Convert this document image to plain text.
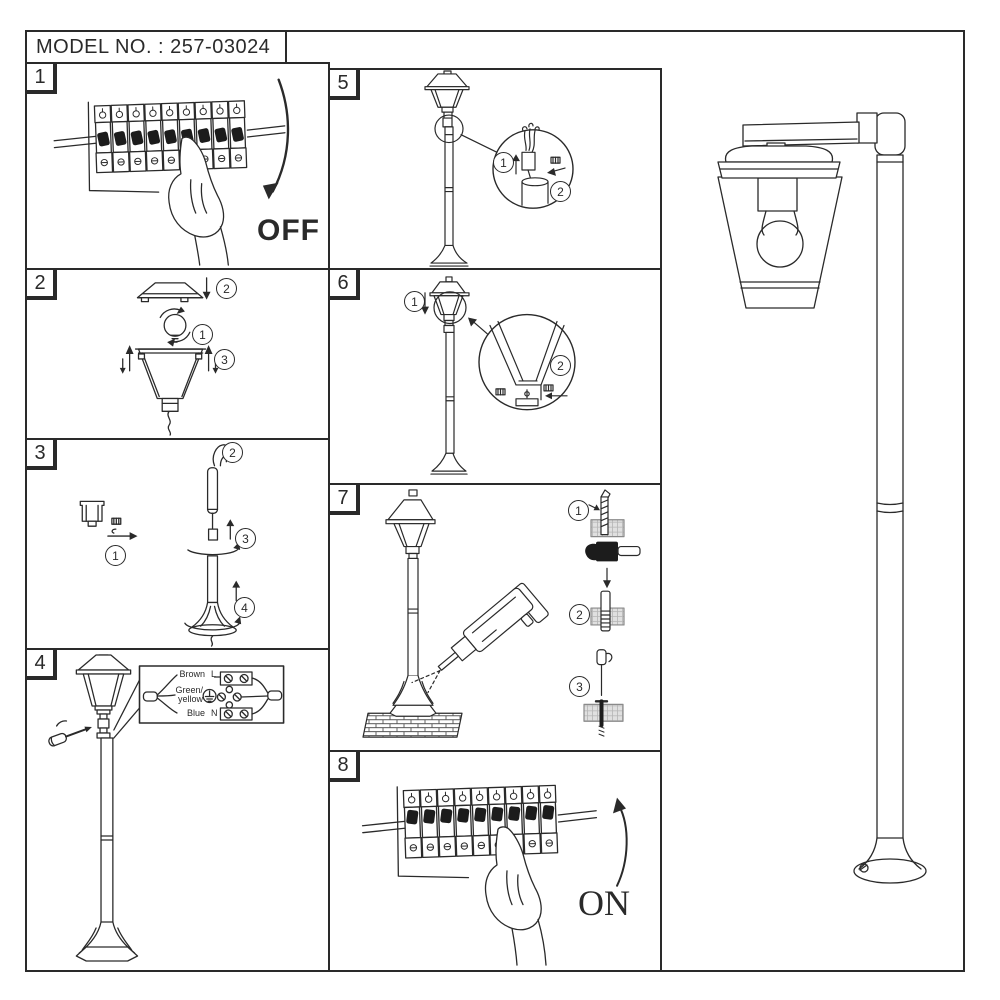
MODEL NO. : 257-03024
1
OFF
2	2
1
3
3
1
2
3
4
4
Brown L
Green/
yellow
Blue N
5
1
2
6
1
2
7
1
2
3
8
ON
